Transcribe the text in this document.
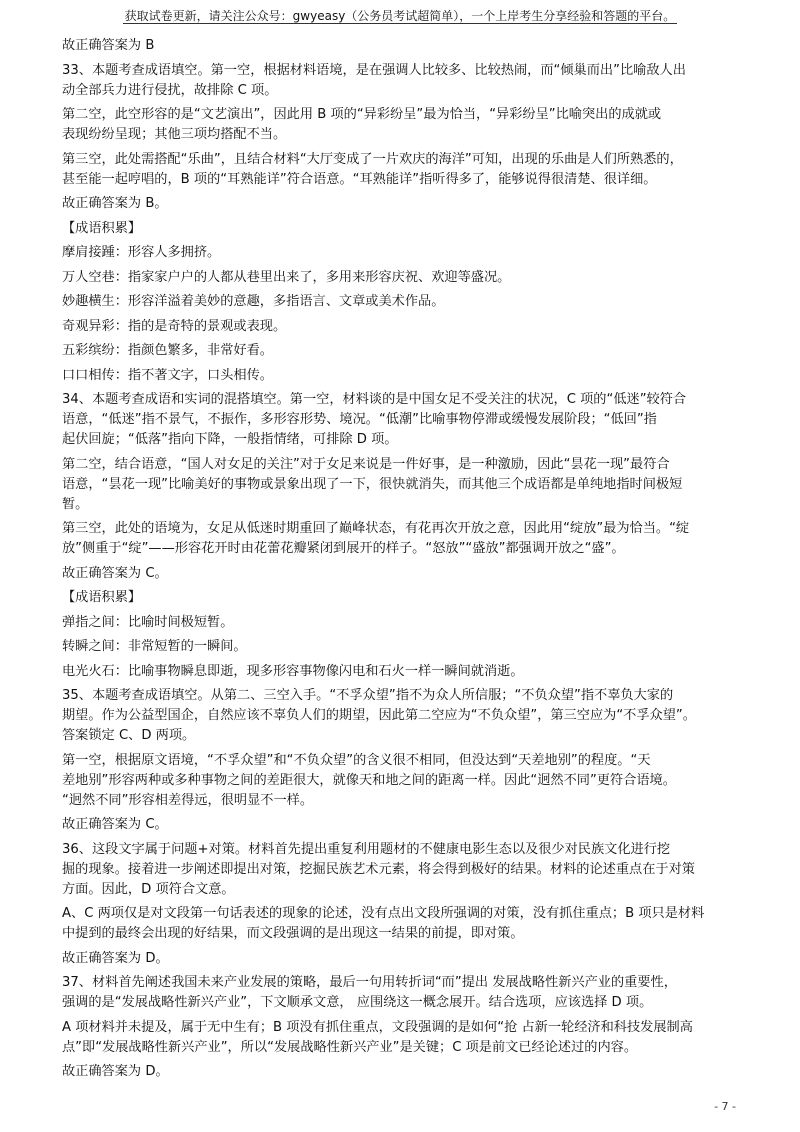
获取试卷更新，请关注公众号：gwyeasy（公务员考试超简单），一个上岸考生分享经验和答题的平台。

故正确答案为 B

33、本题考查成语填空。第一空，根据材料语境，是在强调人比较多、比较热闹，而“倾巢而出”比喻敌人出

动全部兵力进行侵扰，故排除 C 项。

第二空，此空形容的是“文艺演出”，因此用 B 项的“异彩纷呈”最为恰当，“异彩纷呈”比喻突出的成就或

表现纷纷呈现；其他三项均搭配不当。

第三空，此处需搭配“乐曲”，且结合材料“大厅变成了一片欢庆的海洋”可知，出现的乐曲是人们所熟悉的，

甚至能一起哼唱的，B 项的“耳熟能详”符合语意。“耳熟能详”指听得多了，能够说得很清楚、很详细。

故正确答案为 B。

【成语积累】

摩肩接踵：形容人多拥挤。

万人空巷：指家家户户的人都从巷里出来了，多用来形容庆祝、欢迎等盛况。

妙趣横生：形容洋溢着美妙的意趣，多指语言、文章或美术作品。

奇观异彩：指的是奇特的景观或表现。

五彩缤纷：指颜色繁多，非常好看。

口口相传：指不著文字，口头相传。

34、本题考查成语和实词的混搭填空。第一空，材料谈的是中国女足不受关注的状况，C 项的“低迷”较符合

语意，“低迷”指不景气，不振作，多形容形势、境况。“低潮”比喻事物停滞或缓慢发展阶段；“低回”指

起伏回旋；“低落”指向下降，一般指情绪，可排除 D 项。

第二空，结合语意，“国人对女足的关注”对于女足来说是一件好事，是一种激励，因此“昙花一现”最符合

语意，“昙花一现”比喻美好的事物或景象出现了一下，很快就消失，而其他三个成语都是单纯地指时间极短

暂。

第三空，此处的语境为，女足从低迷时期重回了巅峰状态，有花再次开放之意，因此用“绽放”最为恰当。“绽

放”侧重于“绽”——形容花开时由花蕾花瓣紧闭到展开的样子。“怒放”“盛放”都强调开放之“盛”。

故正确答案为 C。

【成语积累】

弹指之间：比喻时间极短暂。

转瞬之间：非常短暂的一瞬间。

电光火石：比喻事物瞬息即逝，现多形容事物像闪电和石火一样一瞬间就消逝。

35、本题考查成语填空。从第二、三空入手。“不孚众望”指不为众人所信服；“不负众望”指不辜负大家的

期望。作为公益型国企，自然应该不辜负人们的期望，因此第二空应为“不负众望”，第三空应为“不孚众望”。

答案锁定 C、D 两项。

第一空，根据原文语境，“不孚众望”和“不负众望”的含义很不相同，但没达到“天差地别”的程度。“天

差地别”形容两种或多种事物之间的差距很大，就像天和地之间的距离一样。因此“迥然不同”更符合语境。

“迥然不同”形容相差得远，很明显不一样。

故正确答案为 C。

36、这段文字属于问题+对策。材料首先提出重复利用题材的不健康电影生态以及很少对民族文化进行挖

掘的现象。接着进一步阐述即提出对策，挖掘民族艺术元素，将会得到极好的结果。材料的论述重点在于对策

方面。因此，D 项符合文意。

A、C 两项仅是对文段第一句话表述的现象的论述，没有点出文段所强调的对策，没有抓住重点；B 项只是材料

中提到的最终会出现的好结果，而文段强调的是出现这一结果的前提，即对策。

故正确答案为 D。

37、材料首先阐述我国未来产业发展的策略，最后一句用转折词“而”提出 发展战略性新兴产业的重要性，

强调的是“发展战略性新兴产业”，下文顺承文意， 应围绕这一概念展开。结合选项，应该选择 D 项。

A 项材料并未提及，属于无中生有；B 项没有抓住重点，文段强调的是如何“抢 占新一轮经济和科技发展制高

点”即“发展战略性新兴产业”，所以“发展战略性新兴产业”是关键；C 项是前文已经论述过的内容。

故正确答案为 D。

- 7 -
